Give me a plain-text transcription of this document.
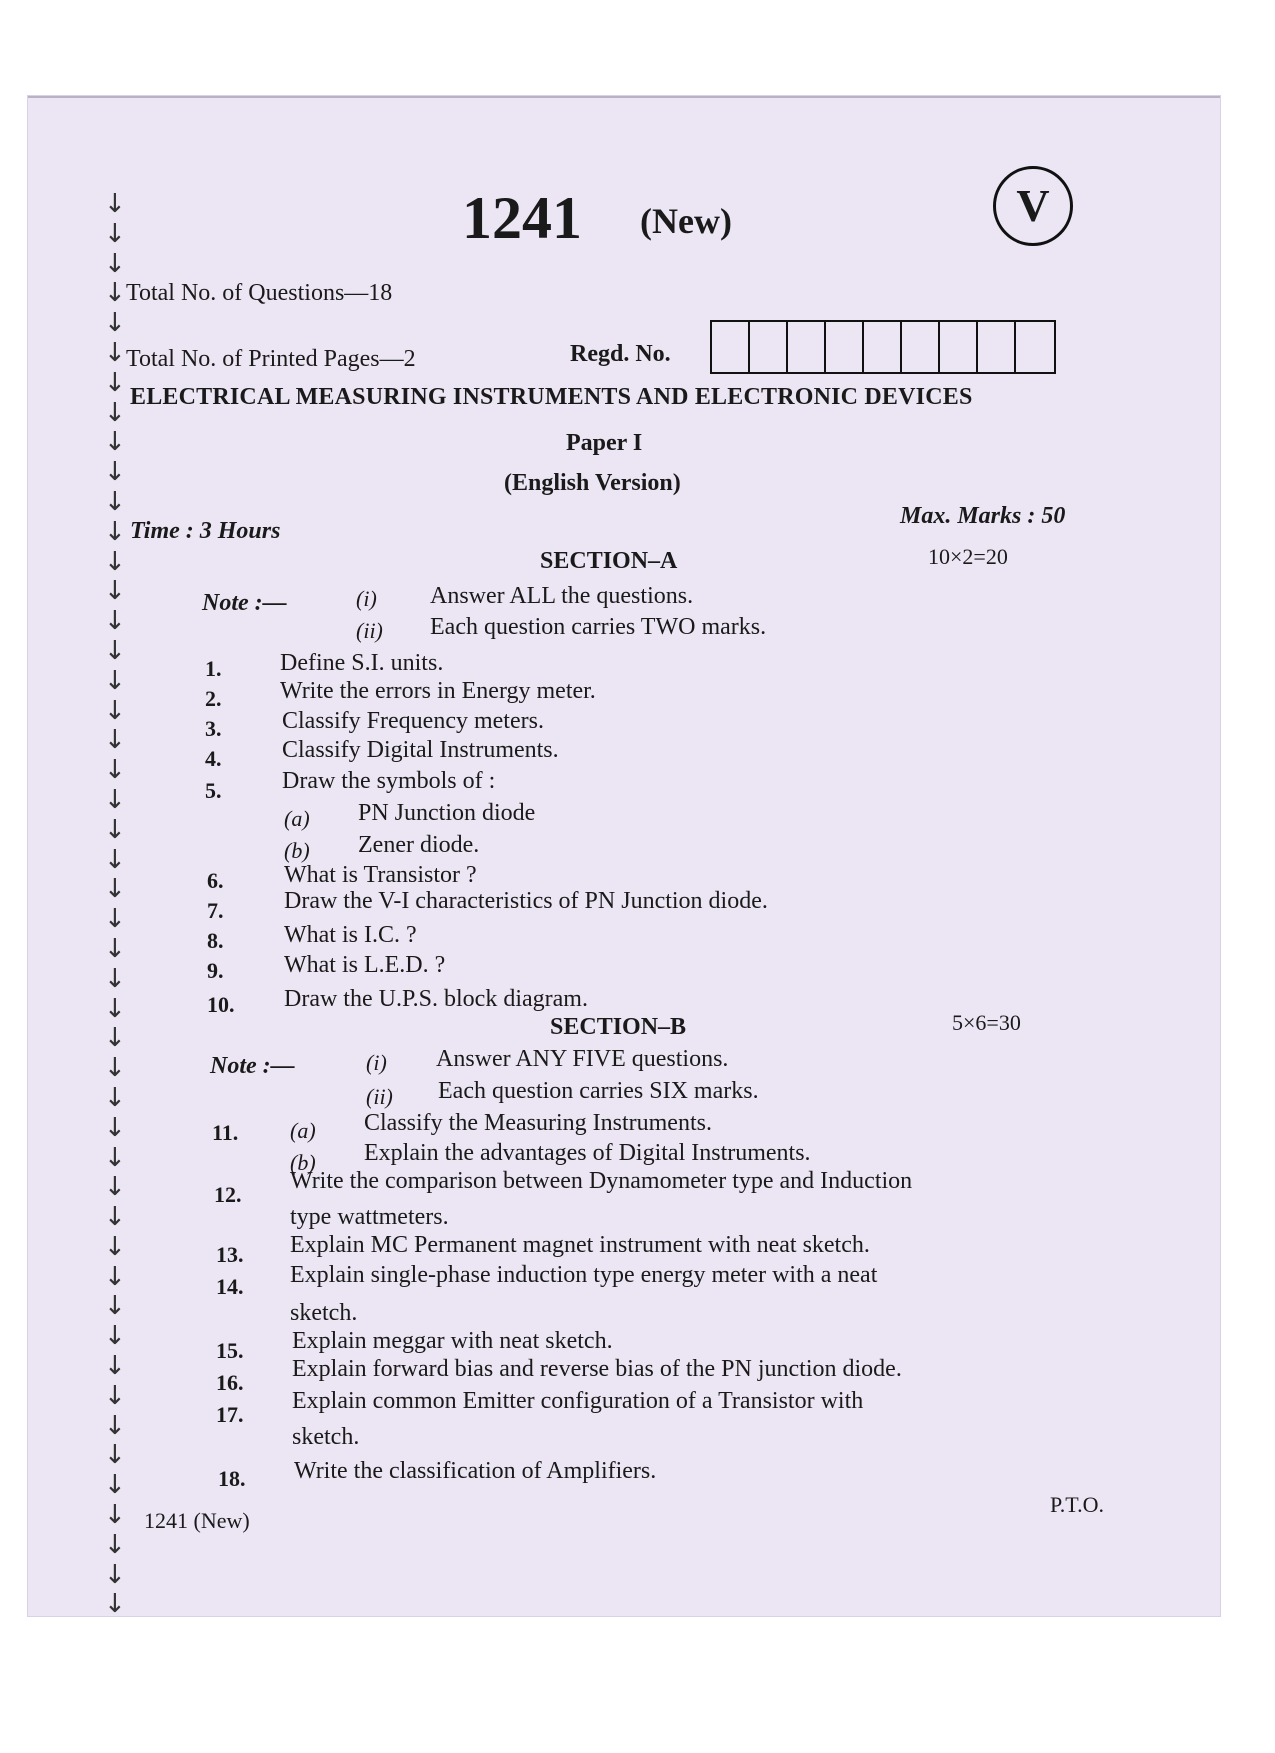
↓
↓
↓
↓
↓
↓
↓
↓
↓
↓
↓
↓
↓
↓
↓
↓
↓
↓
↓
↓
↓
↓
↓
↓
↓
↓
↓
↓
↓
↓
↓
↓
↓
↓
↓
↓
↓
↓
↓
↓
↓
↓
↓
↓
↓
↓
↓
↓
1241 (New)	V
Total No. of Questions—18
Total No. of Printed Pages—2	Regd. No.
ELECTRICAL MEASURING INSTRUMENTS AND ELECTRONIC DEVICES
Paper I
(English Version)
Time : 3 Hours
Max. Marks : 50
SECTION–A	10×2=20
Note :—	(i) Answer ALL the questions.
(ii) Each question carries TWO marks.
1. Define S.I. units.
2. Write the errors in Energy meter.
3.	Classify Frequency meters.
4.	Classify Digital Instruments.
5.	Draw the symbols of :
(a) PN Junction diode
(b) Zener diode.
6.	What is Transistor ?
7.	Draw the V-I characteristics of PN Junction diode.
8.	What is I.C. ?
9.	What is L.E.D. ?
10. Draw the U.P.S. block diagram.
SECTION–B	5×6=30
Note :—	(i) Answer ANY FIVE questions.
(ii) Each question carries SIX marks.
11. (a) Classify the Measuring Instruments.
(b) Explain the advantages of Digital Instruments.
12.
Write the comparison between Dynamometer type and Induction
type wattmeters.
13. Explain MC Permanent magnet instrument with neat sketch.
14. Explain single-phase induction type energy meter with a neat
sketch.
15. Explain meggar with neat sketch.
16.
Explain forward bias and reverse bias of the PN junction diode.
17.
Explain common Emitter configuration of a Transistor with
sketch.
18. Write the classification of Amplifiers.
1241 (New)
P.T.O.
